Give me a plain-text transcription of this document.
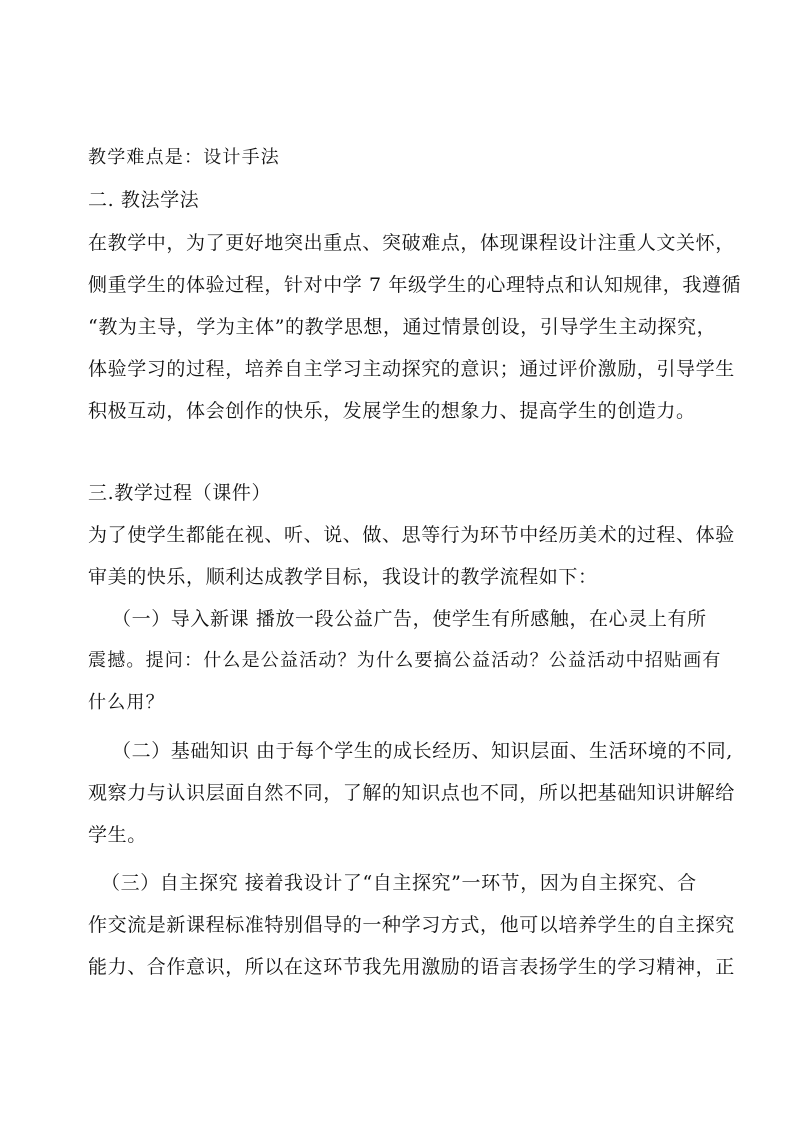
教学难点是：设计手法
二. 教法学法
在教学中，为了更好地突出重点、突破难点，体现课程设计注重人文关怀，
侧重学生的体验过程，针对中学 7 年级学生的心理特点和认知规律，我遵循
“教为主导，学为主体”的教学思想，通过情景创设，引导学生主动探究，
体验学习的过程，培养自主学习主动探究的意识；通过评价激励，引导学生
积极互动，体会创作的快乐，发展学生的想象力、提高学生的创造力。
三.教学过程（课件）
为了使学生都能在视、听、说、做、思等行为环节中经历美术的过程、体验
审美的快乐，顺利达成教学目标，我设计的教学流程如下：
（一）导入新课 播放一段公益广告，使学生有所感触，在心灵上有所
震撼。提问：什么是公益活动？为什么要搞公益活动？公益活动中招贴画有
什么用？
（二）基础知识 由于每个学生的成长经历、知识层面、生活环境的不同,
观察力与认识层面自然不同，了解的知识点也不同，所以把基础知识讲解给
学生。
（三）自主探究 接着我设计了“自主探究”一环节，因为自主探究、合
作交流是新课程标准特别倡导的一种学习方式，他可以培养学生的自主探究
能力、合作意识，所以在这环节我先用激励的语言表扬学生的学习精神，正
